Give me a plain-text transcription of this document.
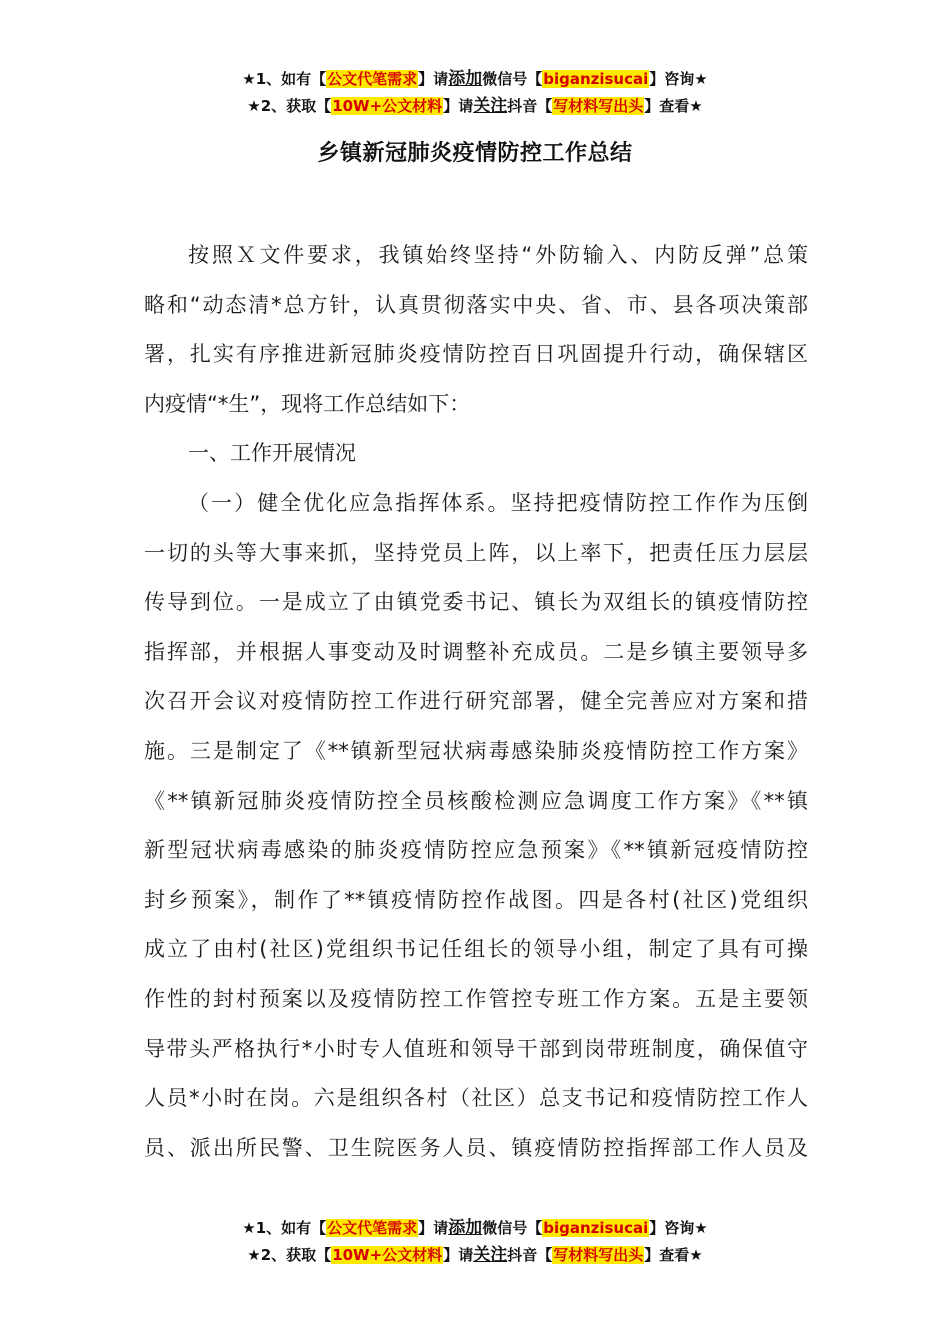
★1、如有【公文代笔需求】请添加微信号【biganzisucai】咨询★
★2、获取【10W+公文材料】请关注抖音【写材料写出头】查看★
乡镇新冠肺炎疫情防控工作总结
按照Ｘ文件要求，我镇始终坚持“外防输入、内防反弹”总策
略和“动态清*总方针，认真贯彻落实中央、省、市、县各项决策部
署，扎实有序推进新冠肺炎疫情防控百日巩固提升行动，确保辖区
内疫情“*生”，现将工作总结如下：
一、工作开展情况
（一）健全优化应急指挥体系。坚持把疫情防控工作作为压倒
一切的头等大事来抓，坚持党员上阵，以上率下，把责任压力层层
传导到位。一是成立了由镇党委书记、镇长为双组长的镇疫情防控
指挥部，并根据人事变动及时调整补充成员。二是乡镇主要领导多
次召开会议对疫情防控工作进行研究部署，健全完善应对方案和措
施。三是制定了《**镇新型冠状病毒感染肺炎疫情防控工作方案》
《**镇新冠肺炎疫情防控全员核酸检测应急调度工作方案》《**镇
新型冠状病毒感染的肺炎疫情防控应急预案》《**镇新冠疫情防控
封乡预案》，制作了**镇疫情防控作战图。四是各村(社区)党组织
成立了由村(社区)党组织书记任组长的领导小组，制定了具有可操
作性的封村预案以及疫情防控工作管控专班工作方案。五是主要领
导带头严格执行*小时专人值班和领导干部到岗带班制度，确保值守
人员*小时在岗。六是组织各村（社区）总支书记和疫情防控工作人
员、派出所民警、卫生院医务人员、镇疫情防控指挥部工作人员及
★1、如有【公文代笔需求】请添加微信号【biganzisucai】咨询★
★2、获取【10W+公文材料】请关注抖音【写材料写出头】查看★
